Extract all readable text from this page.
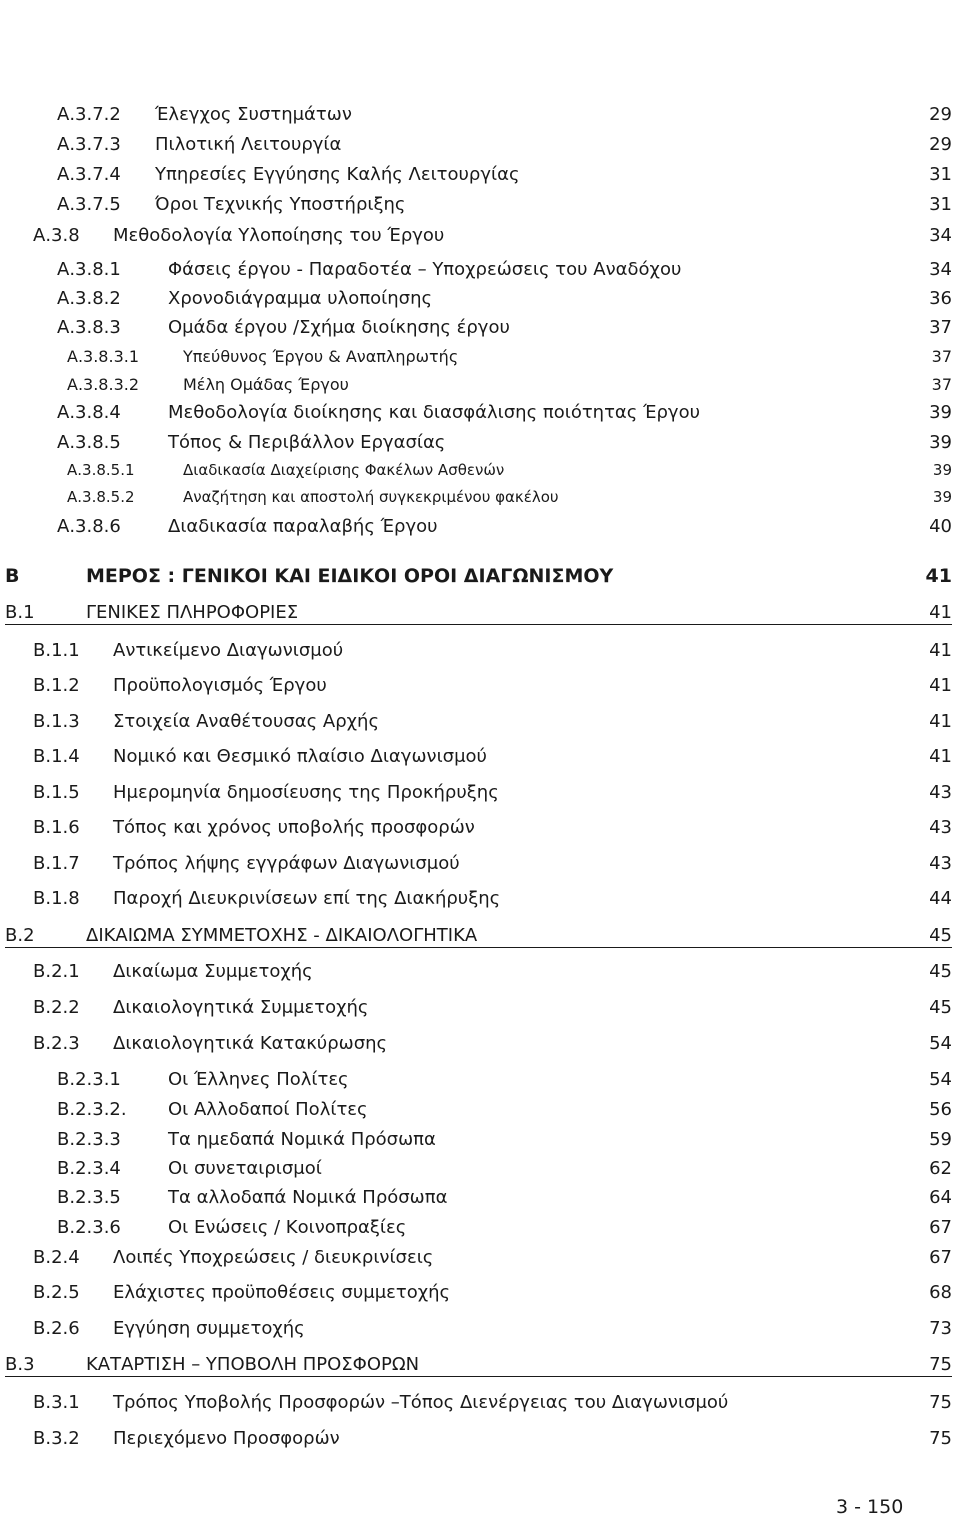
Α.3.7.2 Έλεγχος Συστημάτων	29
Α.3.7.3 Πιλοτική Λειτουργία	29
Α.3.7.4 Υπηρεσίες Εγγύησης Καλής Λειτουργίας	31
Α.3.7.5 Όροι Τεχνικής Υποστήριξης	31
Α.3.8 Μεθοδολογία Υλοποίησης του Έργου	34
Α.3.8.1	Φάσεις έργου - Παραδοτέα – Υποχρεώσεις του Αναδόχου	34
Α.3.8.2	Χρονοδιάγραμμα υλοποίησης	36
Α.3.8.3	Ομάδα έργου /Σχήμα διοίκησης έργου	37
Α.3.8.3.1	Υπεύθυνος Έργου & Αναπληρωτής	37
Α.3.8.3.2	Μέλη Ομάδας Έργου	37
Α.3.8.4	Μεθοδολογία διοίκησης και διασφάλισης ποιότητας Έργου	39
Α.3.8.5	Τόπος & Περιβάλλον Εργασίας	39
Α.3.8.5.1	Διαδικασία Διαχείρισης Φακέλων Ασθενών	39
Α.3.8.5.2	Αναζήτηση και αποστολή συγκεκριμένου φακέλου	39
Α.3.8.6	Διαδικασία παραλαβής Έργου	40
Β	ΜΕΡΟΣ : ΓΕΝΙΚΟΙ ΚΑΙ ΕΙΔΙΚΟΙ ΟΡΟΙ ΔΙΑΓΩΝΙΣΜΟΥ	41
Β.1	ΓΕΝΙΚΕΣ ΠΛΗΡΟΦΟΡΙΕΣ	41
Β.1.1 Αντικείμενο Διαγωνισμού	41
Β.1.2 Προϋπολογισμός Έργου	41
Β.1.3 Στοιχεία Αναθέτουσας Αρχής	41
Β.1.4 Νομικό και Θεσμικό πλαίσιο Διαγωνισμού	41
Β.1.5 Ημερομηνία δημοσίευσης της Προκήρυξης	43
Β.1.6 Τόπος και χρόνος υποβολής προσφορών	43
Β.1.7 Τρόπος λήψης εγγράφων Διαγωνισμού	43
Β.1.8 Παροχή Διευκρινίσεων επί της Διακήρυξης	44
Β.2	ΔΙΚΑΙΩΜΑ ΣΥΜΜΕΤΟΧΗΣ - ΔΙΚΑΙΟΛΟΓΗΤΙΚΑ	45
Β.2.1 Δικαίωμα Συμμετοχής	45
Β.2.2 Δικαιολογητικά Συμμετοχής	45
Β.2.3 Δικαιολογητικά Κατακύρωσης	54
Β.2.3.1	Οι Έλληνες Πολίτες	54
Β.2.3.2. Οι Αλλοδαποί Πολίτες	56
Β.2.3.3	Τα ημεδαπά Νομικά Πρόσωπα	59
Β.2.3.4	Οι συνεταιρισμοί	62
Β.2.3.5	Τα αλλοδαπά Νομικά Πρόσωπα	64
Β.2.3.6	Οι Ενώσεις / Κοινοπραξίες	67
Β.2.4 Λοιπές Υποχρεώσεις / διευκρινίσεις	67
Β.2.5 Ελάχιστες προϋποθέσεις συμμετοχής	68
Β.2.6 Εγγύηση συμμετοχής	73
Β.3	ΚΑΤΑΡΤΙΣΗ – ΥΠΟΒΟΛΗ ΠΡΟΣΦΟΡΩΝ	75
Β.3.1 Τρόπος Υποβολής Προσφορών –Τόπος Διενέργειας του Διαγωνισμού	75
Β.3.2 Περιεχόμενο Προσφορών	75
3 - 150
